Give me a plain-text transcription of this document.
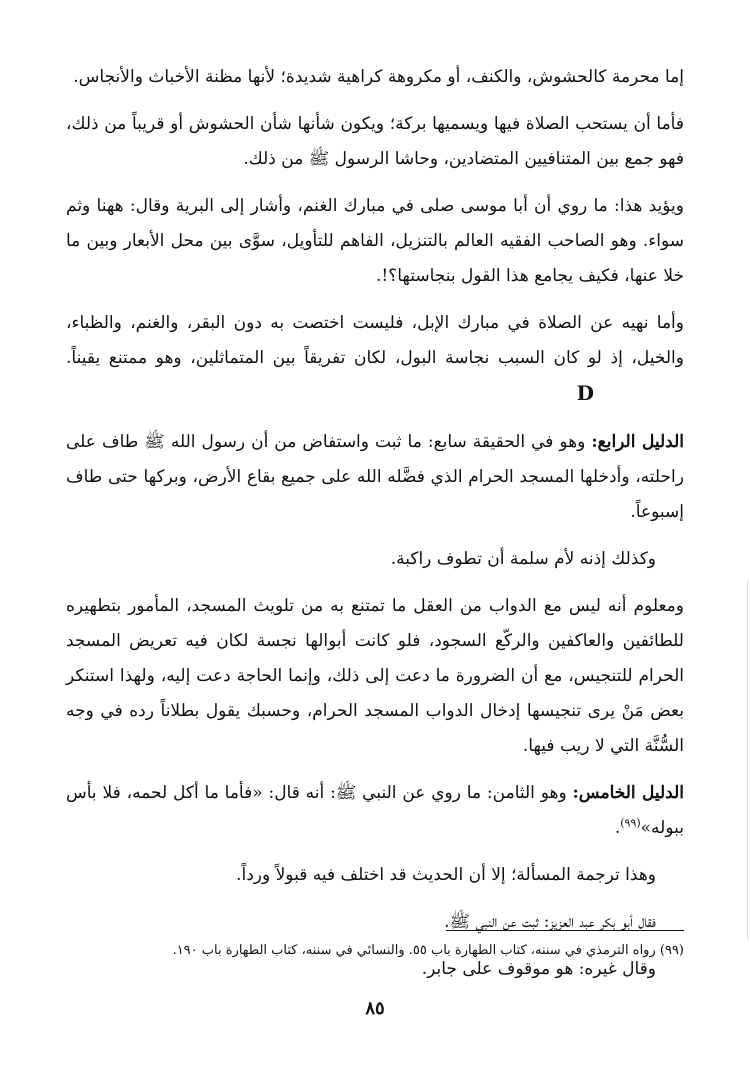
إما محرمة كالحشوش، والكنف، أو مكروهة كراهية شديدة؛ لأنها مظنة الأخباث والأنجاس.

فأما أن يستحب الصلاة فيها ويسميها بركة؛ ويكون شأنها شأن الحشوش أو قريباً من ذلك، فهو جمع بين المتنافيين المتضادين، وحاشا الرسول ﷺ من ذلك.

ويؤيد هذا: ما روي أن أبا موسى صلى في مبارك الغنم، وأشار إلى البرية وقال: ههنا وثم سواء. وهو الصاحب الفقيه العالم بالتنزيل، الفاهم للتأويل، سوَّى بين محل الأبعار وبين ما خلا عنها، فكيف يجامع هذا القول بنجاستها؟!.

وأما نهيه عن الصلاة في مبارك الإبل، فليست اختصت به دون البقر، والغنم، والظباء، والخيل، إذ لو كان السبب نجاسة البول، لكان تفريقاً بين المتماثلين، وهو ممتنع يقيناً.D

الدليل الرابع: وهو في الحقيقة سابع: ما ثبت واستفاض من أن رسول الله ﷺ طاف على راحلته، وأدخلها المسجد الحرام الذي فضَّله الله على جميع بقاع الأرض، وبركها حتى طاف إسبوعاً.

وكذلك إذنه لأم سلمة أن تطوف راكبة.

ومعلوم أنه ليس مع الدواب من العقل ما تمتنع به من تلويث المسجد، المأمور بتطهيره للطائفين والعاكفين والركّع السجود، فلو كانت أبوالها نجسة لكان فيه تعريض المسجد الحرام للتنجيس، مع أن الضرورة ما دعت إلى ذلك، وإنما الحاجة دعت إليه، ولهذا استنكر بعض مَنْ يرى تنجيسها إدخال الدواب المسجد الحرام، وحسبك يقول بطلاناً رده في وجه السُّنَّة التي لا ريب فيها.

الدليل الخامس: وهو الثامن: ما روي عن النبي ﷺ: أنه قال: «فأما ما أكل لحمه، فلا بأس ببوله»$^{(٩٩)}$.

وهذا ترجمة المسألة؛ إلا أن الحديث قد اختلف فيه قبولاً ورداً.

فقال أبو بكر عبد العزيز: ثبت عن النبي ﷺ.

وقال غيره: هو موقوف على جابر.

(٩٩) رواه الترمذي في سننه، كتاب الطهارة باب ٥٥. والنسائي في سننه، كتاب الطهارة باب ١٩٠.
٨٥
